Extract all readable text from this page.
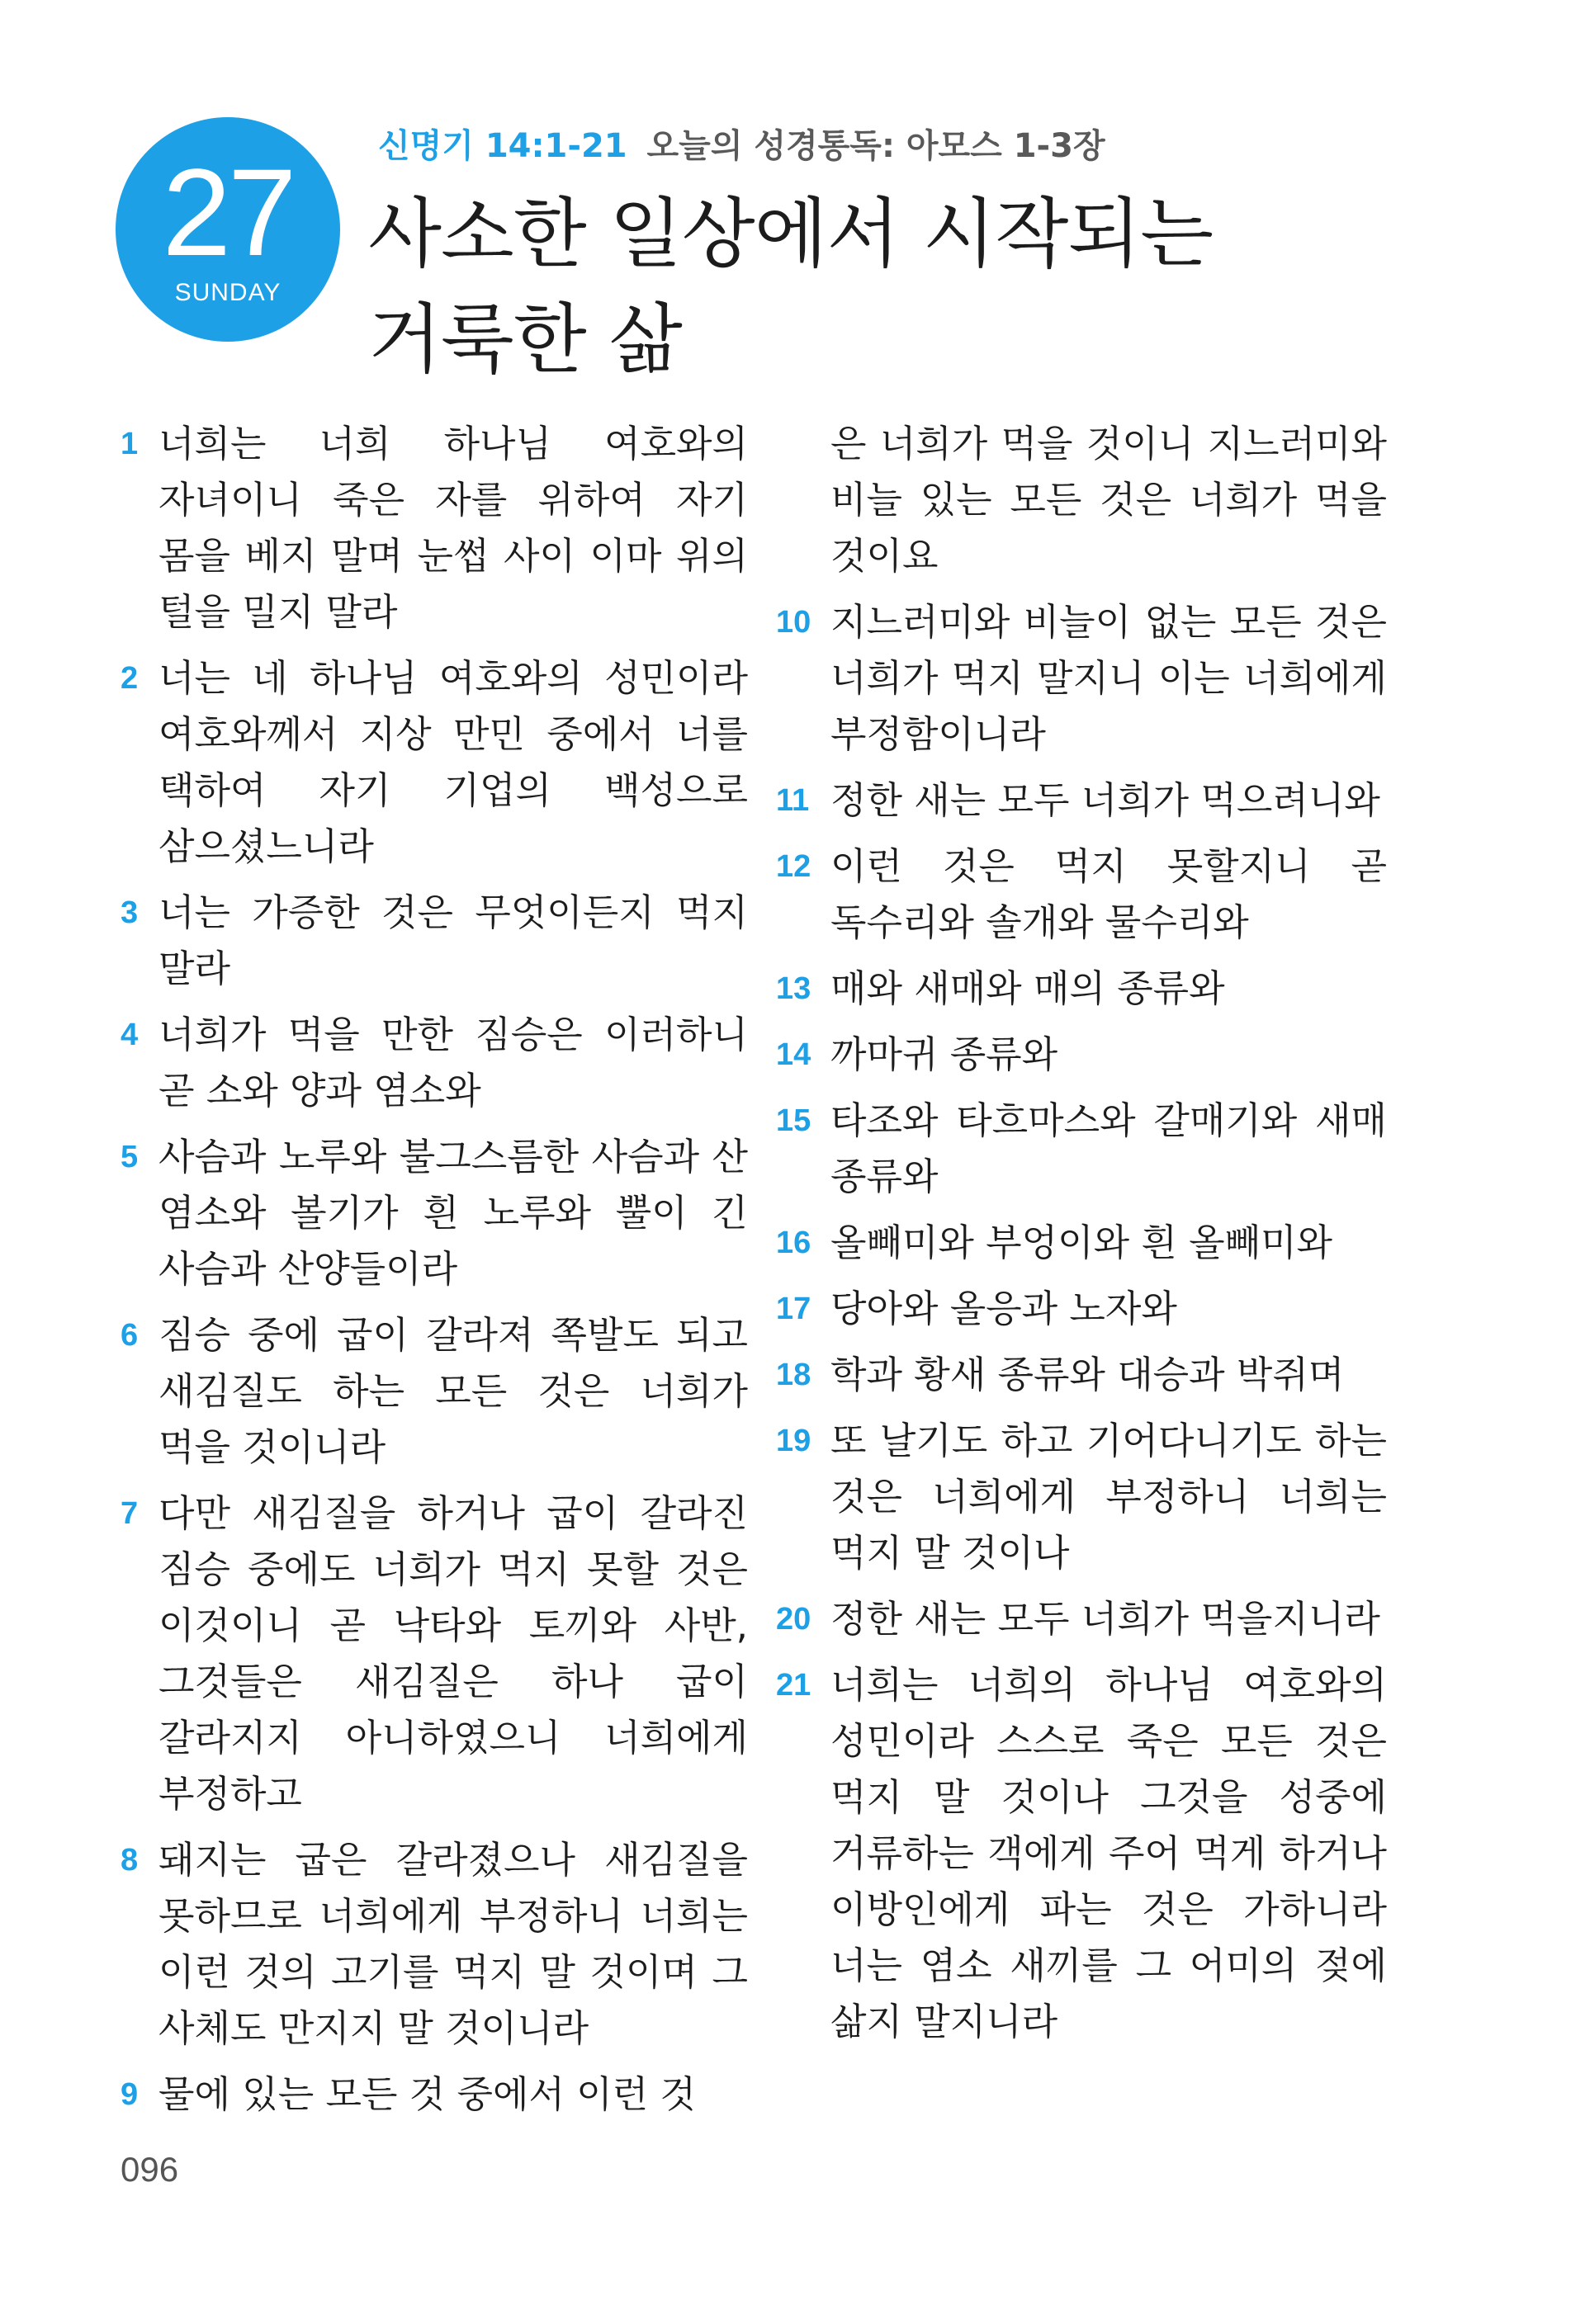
27
SUNDAY
신명기 14:1-21 오늘의 성경통독: 아모스 1-3장
사소한 일상에서 시작되는
거룩한 삶
1 너희는 너희 하나님 여호와의 자녀이니 죽은 자를 위하여 자기 몸을 베지 말며 눈썹 사이 이마 위의 털을 밀지 말라
2 너는 네 하나님 여호와의 성민이라 여호와께서 지상 만민 중에서 너를 택하여 자기 기업의 백성으로 삼으셨느니라
3 너는 가증한 것은 무엇이든지 먹지 말라
4 너희가 먹을 만한 짐승은 이러하니 곧 소와 양과 염소와
5 사슴과 노루와 불그스름한 사슴과 산 염소와 볼기가 흰 노루와 뿔이 긴 사슴과 산양들이라
6 짐승 중에 굽이 갈라져 쪽발도 되고 새김질도 하는 모든 것은 너희가 먹을 것이니라
7 다만 새김질을 하거나 굽이 갈라진 짐승 중에도 너희가 먹지 못할 것은 이것이니 곧 낙타와 토끼와 사반, 그것들은 새김질은 하나 굽이 갈라지지 아니하였으니 너희에게 부정하고
8 돼지는 굽은 갈라졌으나 새김질을 못하므로 너희에게 부정하니 너희는 이런 것의 고기를 먹지 말 것이며 그 사체도 만지지 말 것이니라
9 물에 있는 모든 것 중에서 이런 것
은 너희가 먹을 것이니 지느러미와 비늘 있는 모든 것은 너희가 먹을 것이요
10 지느러미와 비늘이 없는 모든 것은 너희가 먹지 말지니 이는 너희에게 부정함이니라
11 정한 새는 모두 너희가 먹으려니와
12 이런 것은 먹지 못할지니 곧 독수리와 솔개와 물수리와
13 매와 새매와 매의 종류와
14 까마귀 종류와
15 타조와 타흐마스와 갈매기와 새매 종류와
16 올빼미와 부엉이와 흰 올빼미와
17 당아와 올응과 노자와
18 학과 황새 종류와 대승과 박쥐며
19 또 날기도 하고 기어다니기도 하는 것은 너희에게 부정하니 너희는 먹지 말 것이나
20 정한 새는 모두 너희가 먹을지니라
21 너희는 너희의 하나님 여호와의 성민이라 스스로 죽은 모든 것은 먹지 말 것이나 그것을 성중에 거류하는 객에게 주어 먹게 하거나 이방인에게 파는 것은 가하니라 너는 염소 새끼를 그 어미의 젖에 삶지 말지니라
096
